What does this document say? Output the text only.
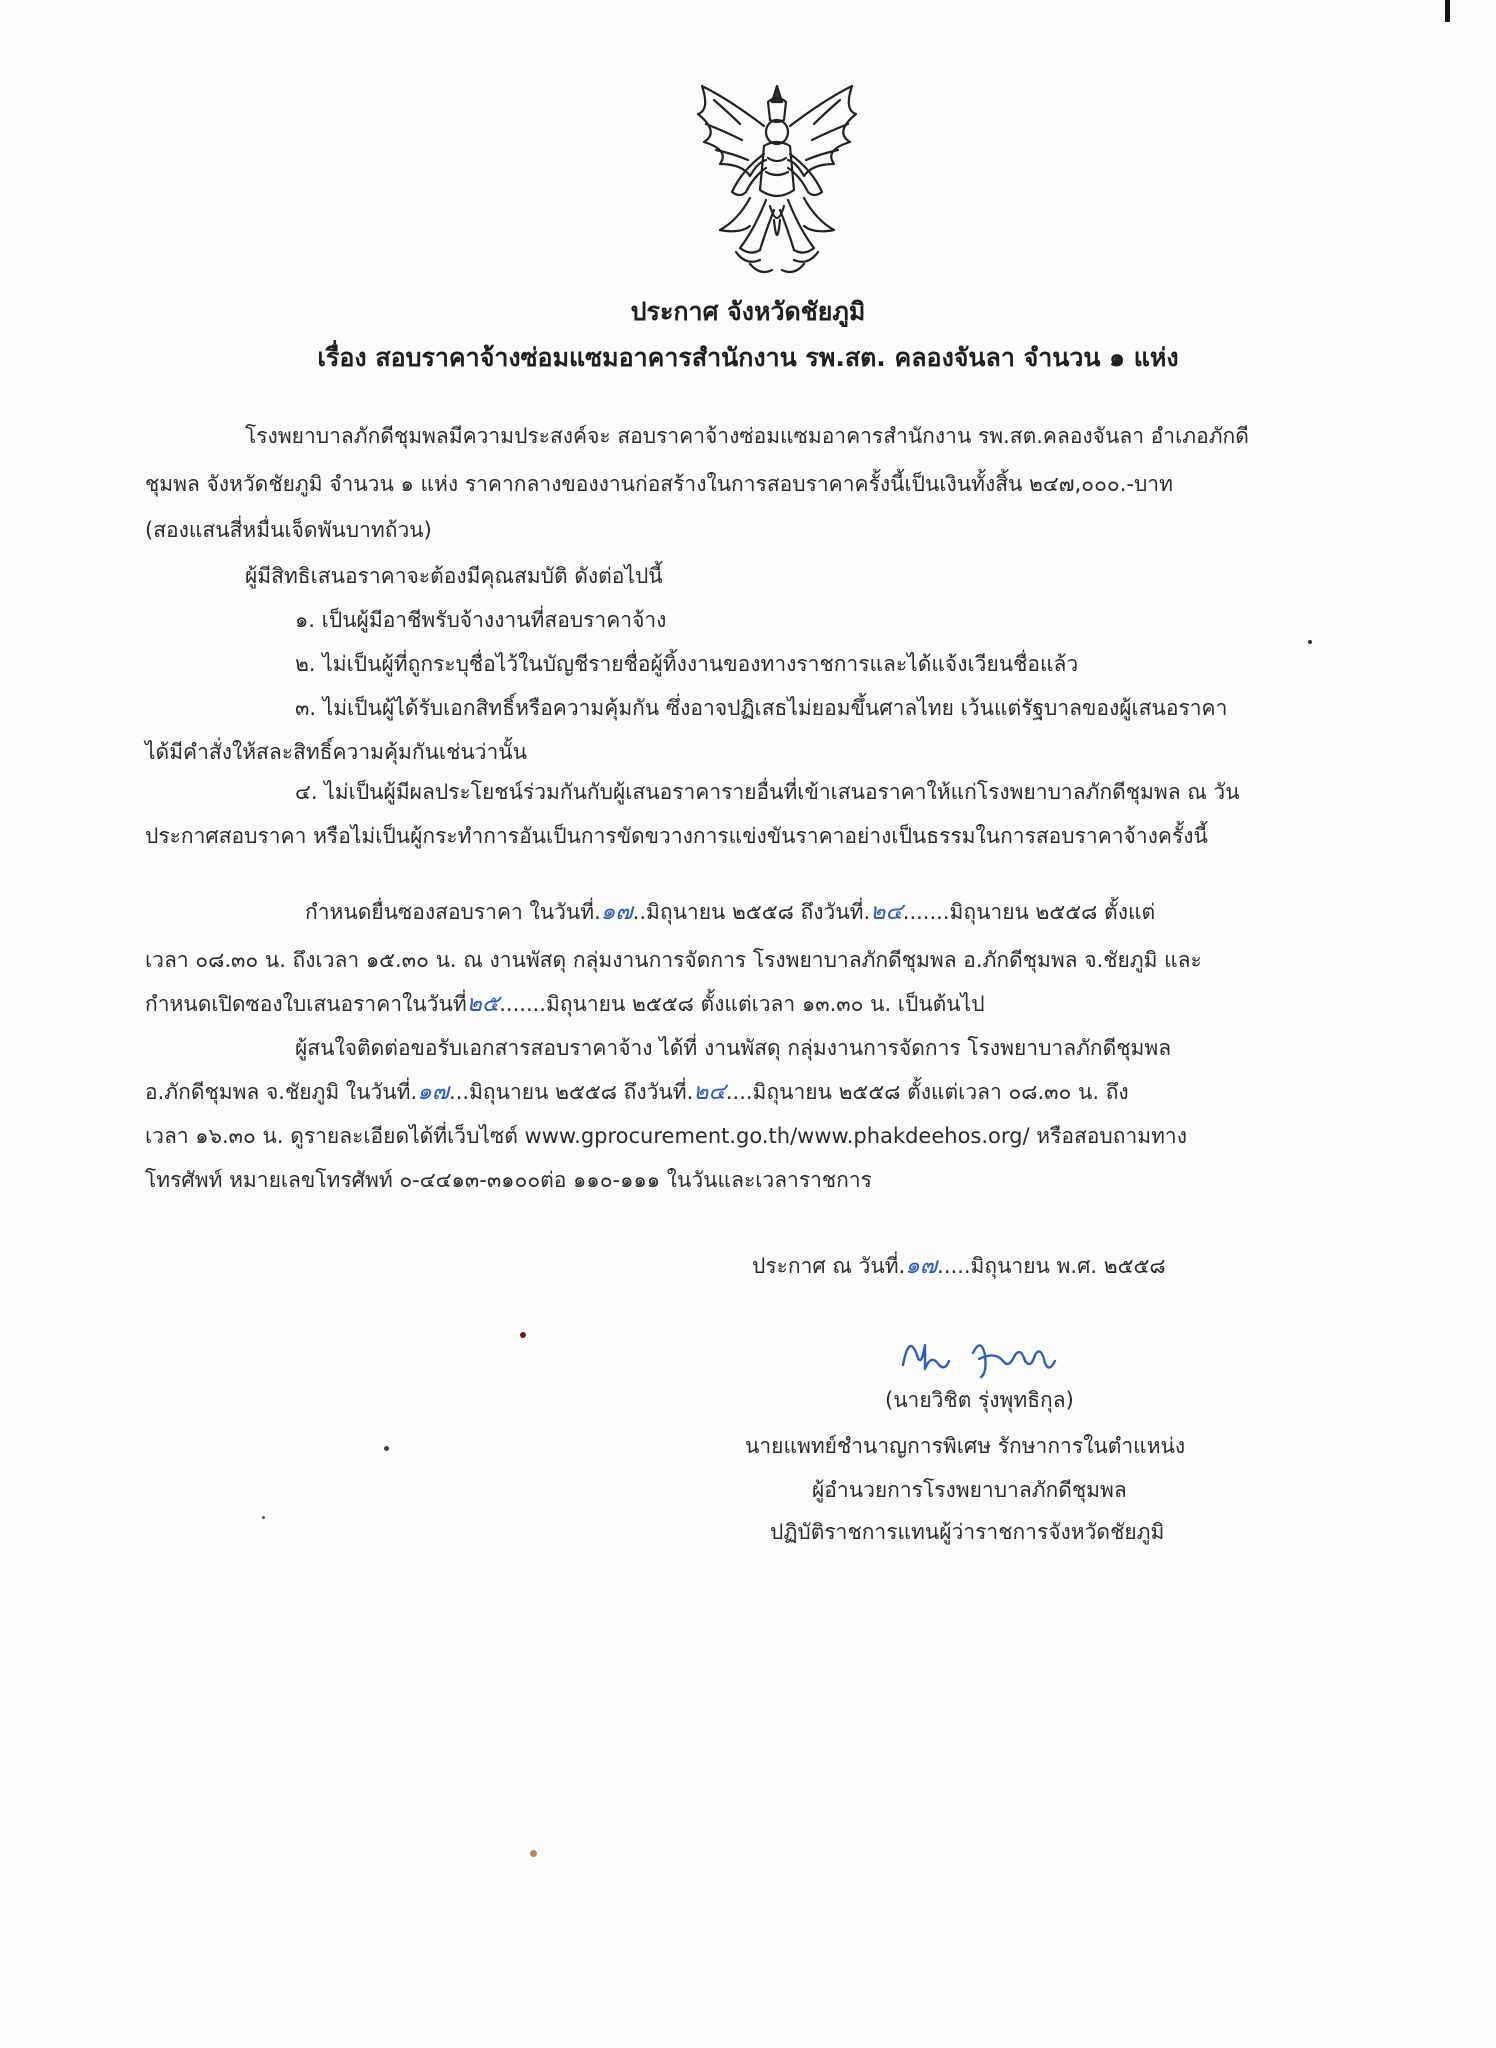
ประกาศ จังหวัดชัยภูมิ
เรื่อง สอบราคาจ้างซ่อมแซมอาคารสำนักงาน รพ.สต. คลองจันลา จำนวน ๑ แห่ง
โรงพยาบาลภักดีชุมพลมีความประสงค์จะ สอบราคาจ้างซ่อมแซมอาคารสำนักงาน รพ.สต.คลองจันลา อำเภอภักดี
ชุมพล จังหวัดชัยภูมิ จำนวน ๑ แห่ง ราคากลางของงานก่อสร้างในการสอบราคาครั้งนี้เป็นเงินทั้งสิ้น ๒๔๗,๐๐๐.-บาท
(สองแสนสี่หมื่นเจ็ดพันบาทถ้วน)
ผู้มีสิทธิเสนอราคาจะต้องมีคุณสมบัติ ดังต่อไปนี้
๑. เป็นผู้มีอาชีพรับจ้างงานที่สอบราคาจ้าง
๒. ไม่เป็นผู้ที่ถูกระบุชื่อไว้ในบัญชีรายชื่อผู้ทิ้งงานของทางราชการและได้แจ้งเวียนชื่อแล้ว
๓. ไม่เป็นผู้ได้รับเอกสิทธิ์หรือความคุ้มกัน ซึ่งอาจปฏิเสธไม่ยอมขึ้นศาลไทย เว้นแต่รัฐบาลของผู้เสนอราคา
ได้มีคำสั่งให้สละสิทธิ์ความคุ้มกันเช่นว่านั้น
๔. ไม่เป็นผู้มีผลประโยชน์ร่วมกันกับผู้เสนอราคารายอื่นที่เข้าเสนอราคาให้แก่โรงพยาบาลภักดีชุมพล ณ วัน
ประกาศสอบราคา หรือไม่เป็นผู้กระทำการอันเป็นการขัดขวางการแข่งขันราคาอย่างเป็นธรรมในการสอบราคาจ้างครั้งนี้
กำหนดยื่นซองสอบราคา ในวันที่.๑๗..มิถุนายน ๒๕๕๘ ถึงวันที่.๒๔.......มิถุนายน ๒๕๕๘ ตั้งแต่
เวลา ๐๘.๓๐ น. ถึงเวลา ๑๕.๓๐ น. ณ งานพัสดุ กลุ่มงานการจัดการ โรงพยาบาลภักดีชุมพล อ.ภักดีชุมพล จ.ชัยภูมิ และ
กำหนดเปิดซองใบเสนอราคาในวันที่๒๕.......มิถุนายน ๒๕๕๘ ตั้งแต่เวลา ๑๓.๓๐ น. เป็นต้นไป
ผู้สนใจติดต่อขอรับเอกสารสอบราคาจ้าง ได้ที่ งานพัสดุ กลุ่มงานการจัดการ โรงพยาบาลภักดีชุมพล
อ.ภักดีชุมพล จ.ชัยภูมิ ในวันที่.๑๗...มิถุนายน ๒๕๕๘ ถึงวันที่.๒๔....มิถุนายน ๒๕๕๘ ตั้งแต่เวลา ๐๘.๓๐ น. ถึง
เวลา ๑๖.๓๐ น. ดูรายละเอียดได้ที่เว็บไซต์ www.gprocurement.go.th/www.phakdeehos.org/ หรือสอบถามทาง
โทรศัพท์ หมายเลขโทรศัพท์ ๐-๔๔๑๓-๓๑๐๐ต่อ ๑๑๐-๑๑๑ ในวันและเวลาราชการ
ประกาศ ณ วันที่.๑๗.....มิถุนายน พ.ศ. ๒๕๕๘
(นายวิชิต รุ่งพุทธิกุล)
นายแพทย์ชำนาญการพิเศษ รักษาการในตำแหน่ง
ผู้อำนวยการโรงพยาบาลภักดีชุมพล
ปฏิบัติราชการแทนผู้ว่าราชการจังหวัดชัยภูมิ
